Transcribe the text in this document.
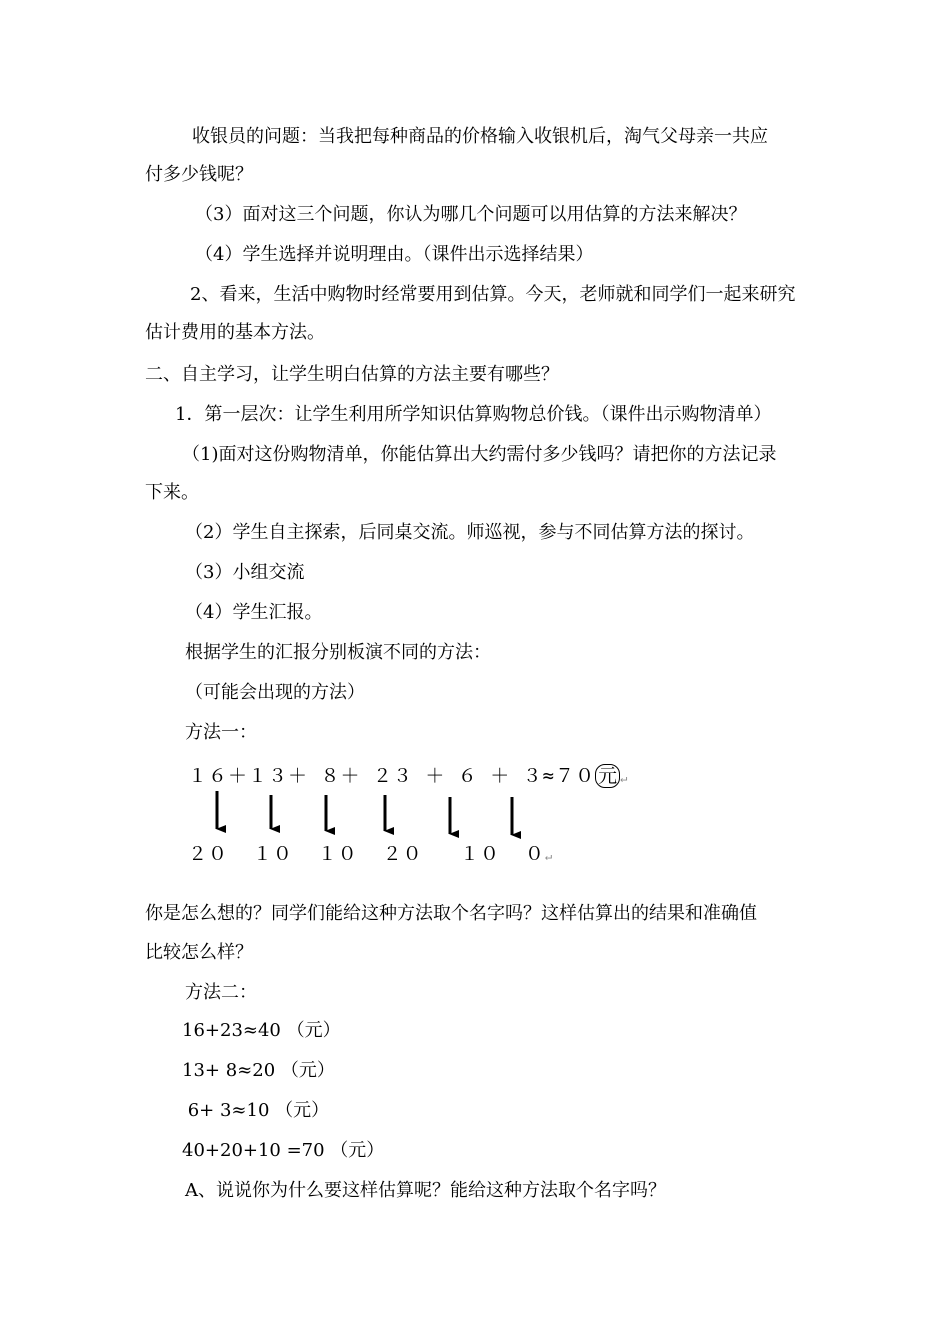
收银员的问题：当我把每种商品的价格输入收银机后，淘气父母亲一共应
付多少钱呢？
（3）面对这三个问题，你认为哪几个问题可以用估算的方法来解决？
（4）学生选择并说明理由。（课件出示选择结果）
2、看来，生活中购物时经常要用到估算。今天，老师就和同学们一起来研究
估计费用的基本方法。
二、自主学习，让学生明白估算的方法主要有哪些？
1．第一层次：让学生利用所学知识估算购物总价钱。（课件出示购物清单）
（1)面对这份购物清单，你能估算出大约需付多少钱吗？请把你的方法记录
下来。
（2）学生自主探索，后同桌交流。师巡视，参与不同估算方法的探讨。
（3）小组交流
（4）学生汇报。
根据学生的汇报分别板演不同的方法：
（可能会出现的方法）
方法一：
１６＋１３＋ ８＋ ２３ ＋ ６ ＋ ３≈７０ 元 ↵
２０  １０  １０  ２０   １０  ０↵
你是怎么想的？同学们能给这种方法取个名字吗？这样估算出的结果和准确值
比较怎么样？
方法二：
16+23≈40 （元）
13+ 8≈20 （元）
6+ 3≈10 （元）
40+20+10 =70 （元）
A、说说你为什么要这样估算呢？能给这种方法取个名字吗？
